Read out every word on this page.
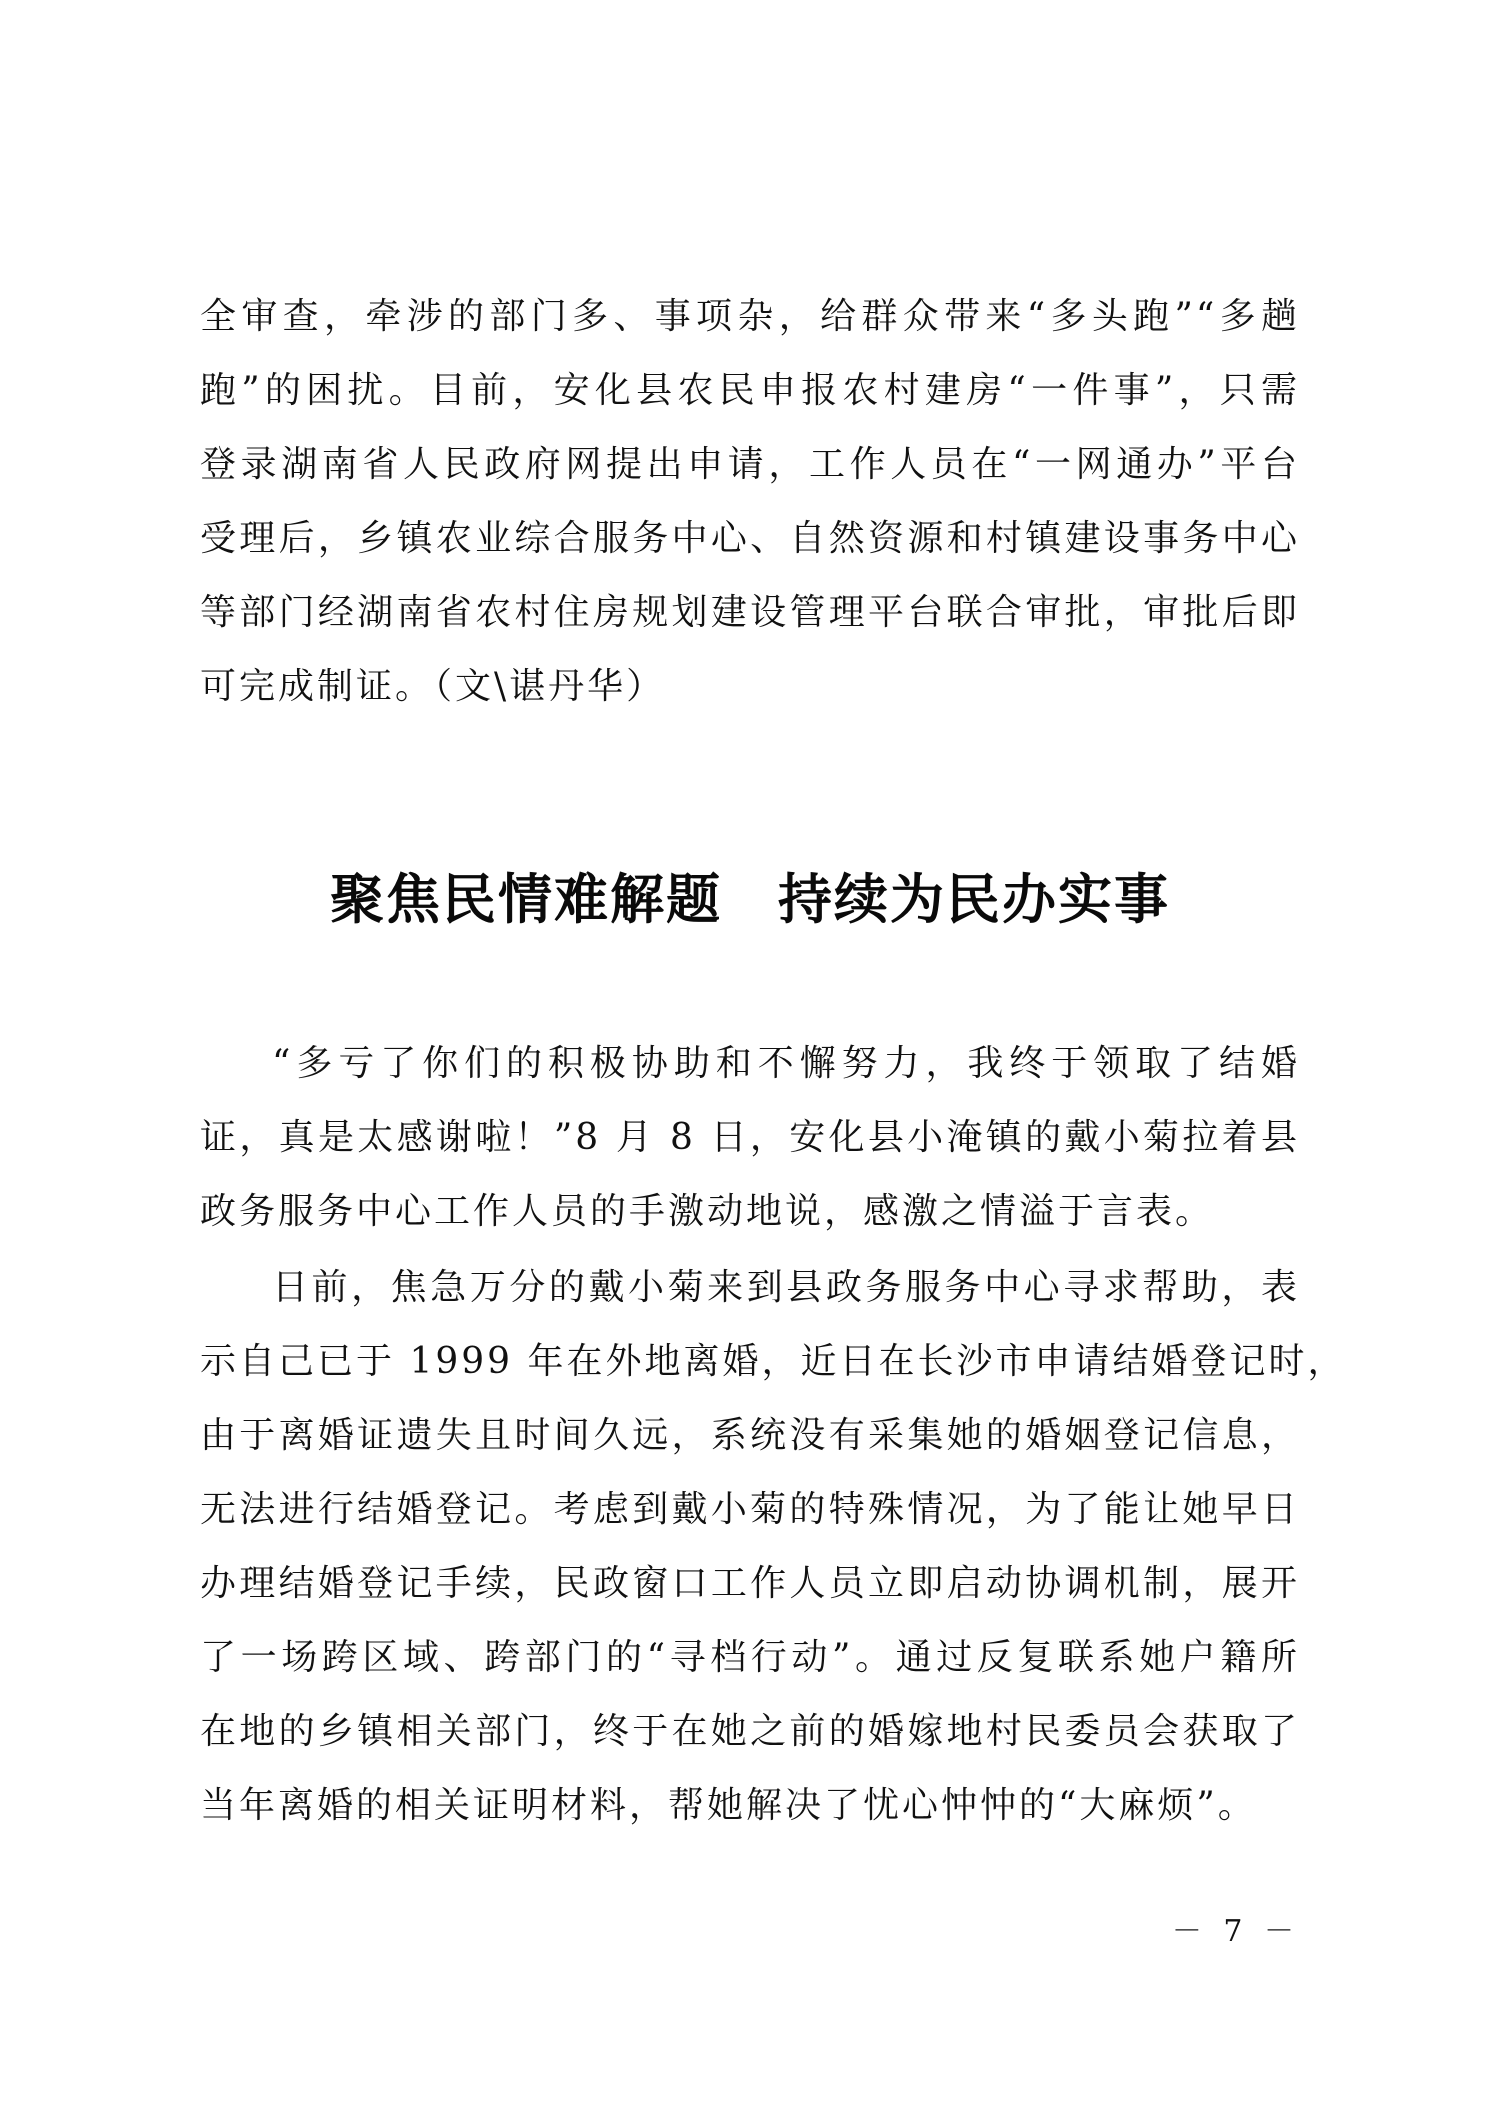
全审查，牵涉的部门多、事项杂，给群众带来“多头跑”“多趟
跑”的困扰。目前，安化县农民申报农村建房“一件事”，只需
登录湖南省人民政府网提出申请，工作人员在“一网通办”平台
受理后，乡镇农业综合服务中心、自然资源和村镇建设事务中心
等部门经湖南省农村住房规划建设管理平台联合审批，审批后即
可完成制证。（文\谌丹华）
聚焦民情难解题　持续为民办实事
“多亏了你们的积极协助和不懈努力，我终于领取了结婚
证，真是太感谢啦！”8 月 8 日，安化县小淹镇的戴小菊拉着县
政务服务中心工作人员的手激动地说，感激之情溢于言表。
日前，焦急万分的戴小菊来到县政务服务中心寻求帮助，表
示自己已于 1999 年在外地离婚，近日在长沙市申请结婚登记时，
由于离婚证遗失且时间久远，系统没有采集她的婚姻登记信息，
无法进行结婚登记。考虑到戴小菊的特殊情况，为了能让她早日
办理结婚登记手续，民政窗口工作人员立即启动协调机制，展开
了一场跨区域、跨部门的“寻档行动”。通过反复联系她户籍所
在地的乡镇相关部门，终于在她之前的婚嫁地村民委员会获取了
当年离婚的相关证明材料，帮她解决了忧心忡忡的“大麻烦”。
－ 7 －
